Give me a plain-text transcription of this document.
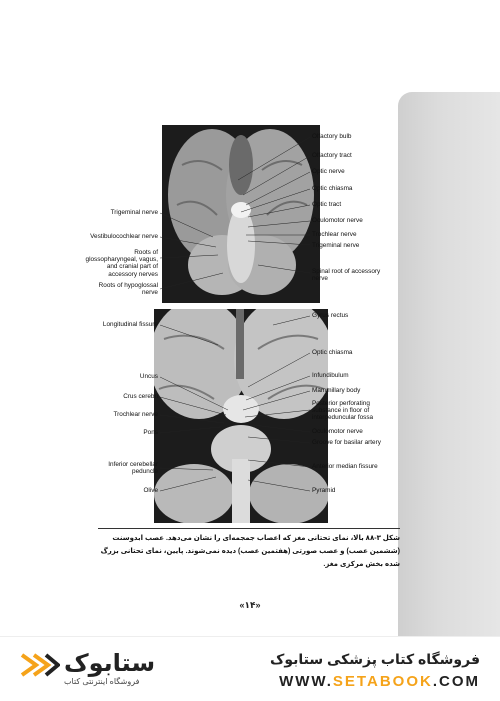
Olfactory bulb
Olfactory tract
Optic nerve
Optic chiasma
Optic tract
Oculomotor nerve
Trochlear nerve
Trigeminal nerve
Spinal root of accessory nerve
Trigeminal nerve
Vestibulocochlear nerve
Roots of glossopharyngeal, vagus, and cranial part of accessory nerves
Roots of hypoglossal nerve
Gyrus rectus
Optic chiasma
Infundibulum
Mammillary body
Posterior perforating substance in floor of interpeduncular fossa
Oculomotor nerve
Groove for basilar artery
Anterior median fissure
Pyramid
Longitudinal fissure
Uncus
Crus cerebri
Trochlear nerve
Pons
Inferior cerebellar peduncle
Olive
شکل ۳-۸۸ بالا، نمای تحتانی مغز که اعصاب جمجمه‌ای را نشان می‌دهد. عصب ابدوسنت (ششمین عصب) و عصب صورتی (هفتمین عصب) دیده نمی‌شوند. پایین، نمای تحتانی بزرگ شده بخش مرکزی مغز.
«۱۴»
ستابوک
فروشگاه اینترنتی کتاب
فروشگاه کتاب پزشکی ستابوک
WWW.SETABOOK.COM
